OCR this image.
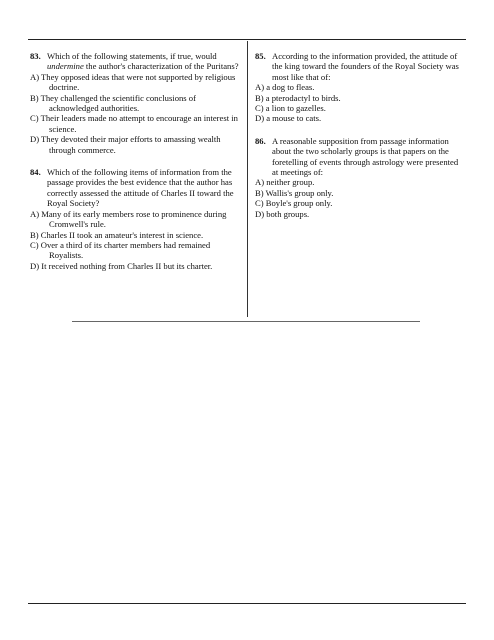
83. Which of the following statements, if true, would undermine the author's characterization of the Puritans?

A) They opposed ideas that were not supported by religious doctrine.
B) They challenged the scientific conclusions of acknowledged authorities.
C) Their leaders made no attempt to encourage an interest in science.
D) They devoted their major efforts to amassing wealth through commerce.

84. Which of the following items of information from the passage provides the best evidence that the author has correctly assessed the attitude of Charles II toward the Royal Society?

A) Many of its early members rose to prominence during Cromwell's rule.
B) Charles II took an amateur's interest in science.
C) Over a third of its charter members had remained Royalists.
D) It received nothing from Charles II but its charter.

85. According to the information provided, the attitude of the king toward the founders of the Royal Society was most like that of:

A) a dog to fleas.
B) a pterodactyl to birds.
C) a lion to gazelles.
D) a mouse to cats.

86. A reasonable supposition from passage information about the two scholarly groups is that papers on the foretelling of events through astrology were presented at meetings of:

A) neither group.
B) Wallis's group only.
C) Boyle's group only.
D) both groups.
